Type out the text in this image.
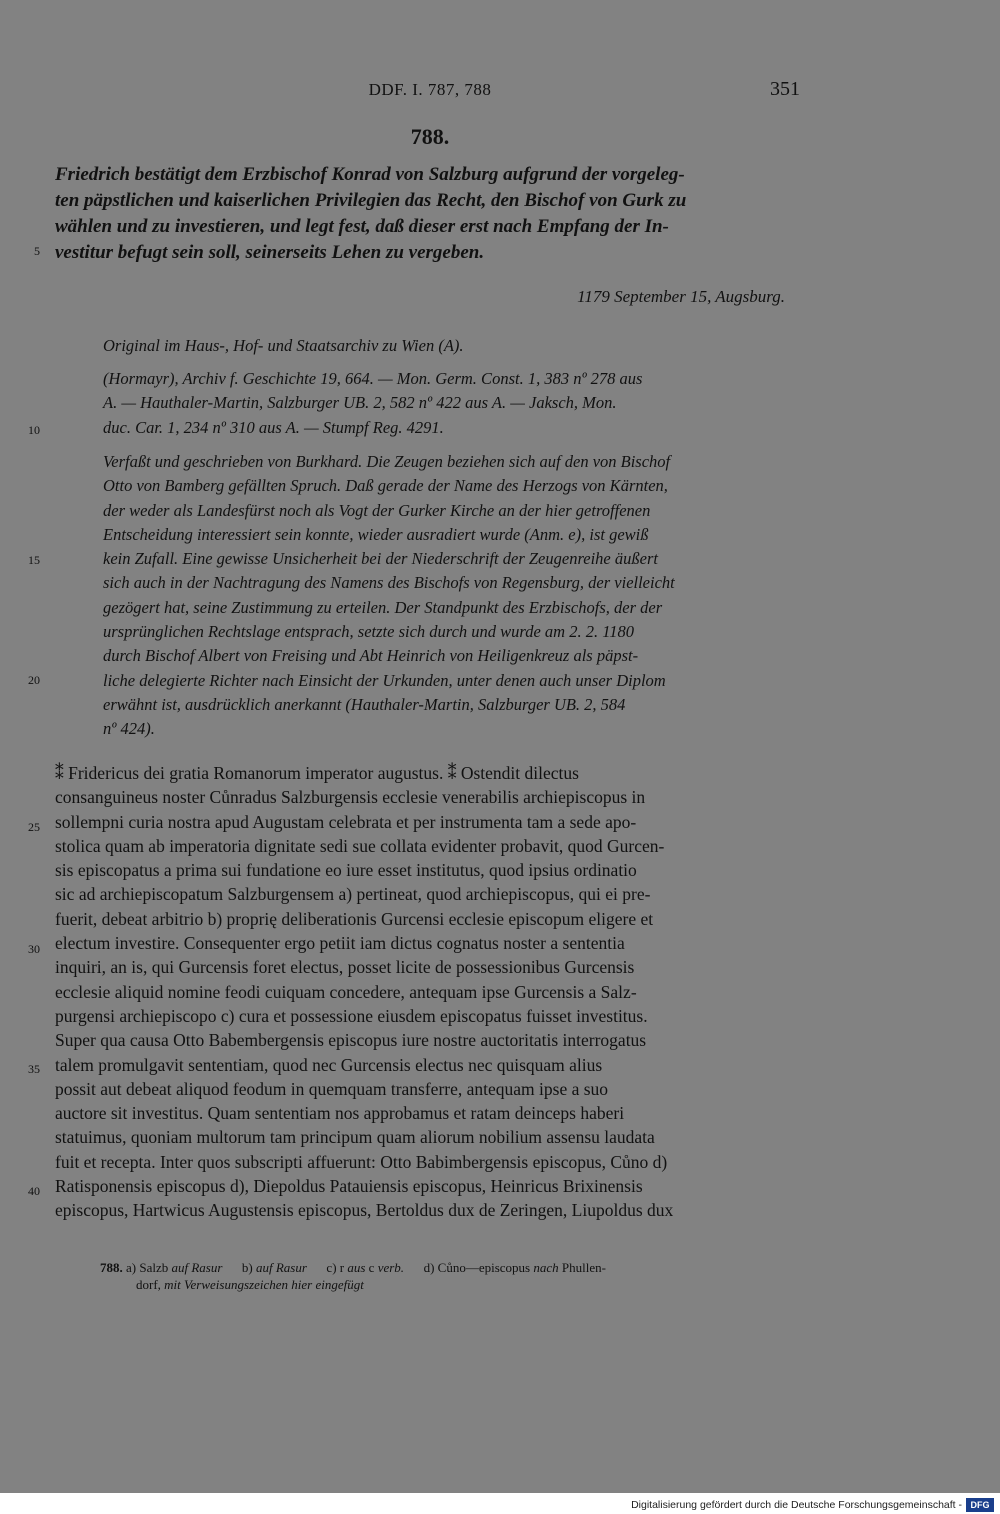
DDF. I. 787, 788	351
788.
Friedrich bestätigt dem Erzbischof Konrad von Salzburg aufgrund der vorgeleg-
ten päpstlichen und kaiserlichen Privilegien das Recht, den Bischof von Gurk zu
wählen und zu investieren, und legt fest, daß dieser erst nach Empfang der In-
vestitur befugt sein soll, seinerseits Lehen zu vergeben.
1179 September 15, Augsburg.
Original im Haus-, Hof- und Staatsarchiv zu Wien (A).
(Hormayr), Archiv f. Geschichte 19, 664. — Mon. Germ. Const. 1, 383 nº 278 aus
A. — Hauthaler-Martin, Salzburger UB. 2, 582 nº 422 aus A. — Jaksch, Mon.
duc. Car. 1, 234 nº 310 aus A. — Stumpf Reg. 4291.
Verfaßt und geschrieben von Burkhard. Die Zeugen beziehen sich auf den von Bischof
Otto von Bamberg gefällten Spruch. Daß gerade der Name des Herzogs von Kärnten,
der weder als Landesfürst noch als Vogt der Gurker Kirche an der hier getroffenen
Entscheidung interessiert sein konnte, wieder ausradiert wurde (Anm. e), ist gewiß
kein Zufall. Eine gewisse Unsicherheit bei der Niederschrift der Zeugenreihe äußert
sich auch in der Nachtragung des Namens des Bischofs von Regensburg, der vielleicht
gezögert hat, seine Zustimmung zu erteilen. Der Standpunkt des Erzbischofs, der der
ursprünglichen Rechtslage entsprach, setzte sich durch und wurde am 2. 2. 1180
durch Bischof Albert von Freising und Abt Heinrich von Heiligenkreuz als päpst-
liche delegierte Richter nach Einsicht der Urkunden, unter denen auch unser Diplom
erwähnt ist, ausdrücklich anerkannt (Hauthaler-Martin, Salzburger UB. 2, 584
nº 424).
⁑ Fridericus dei gratia Romanorum imperator augustus. ⁑ Ostendit dilectus
consanguineus noster Cůnradus Salzburgensis ecclesie venerabilis archiepiscopus in
sollempni curia nostra apud Augustam celebrata et per instrumenta tam a sede apo-
stolica quam ab imperatoria dignitate sedi sue collata evidenter probavit, quod Gurcen-
sis episcopatus a prima sui fundatione eo iure esset institutus, quod ipsius ordinatio
sic ad archiepiscopatum Salzburgensem a) pertineat, quod archiepiscopus, qui ei pre-
fuerit, debeat arbitrio b) proprię deliberationis Gurcensi ecclesie episcopum eligere et
electum investire. Consequenter ergo petiit iam dictus cognatus noster a sententia
inquiri, an is, qui Gurcensis foret electus, posset licite de possessionibus Gurcensis
ecclesie aliquid nomine feodi cuiquam concedere, antequam ipse Gurcensis a Salz-
purgensi archiepiscopo c) cura et possessione eiusdem episcopatus fuisset investitus.
Super qua causa Otto Babembergensis episcopus iure nostre auctoritatis interrogatus
talem promulgavit sententiam, quod nec Gurcensis electus nec quisquam alius
possit aut debeat aliquod feodum in quemquam transferre, antequam ipse a suo
auctore sit investitus. Quam sententiam nos approbamus et ratam deinceps haberi
statuimus, quoniam multorum tam principum quam aliorum nobilium assensu laudata
fuit et recepta. Inter quos subscripti affuerunt: Otto Babimbergensis episcopus, Cůno d)
Ratisponensis episcopus d), Diepoldus Patauiensis episcopus, Heinricus Brixinensis
episcopus, Hartwicus Augustensis episcopus, Bertoldus dux de Zeringen, Liupoldus dux
5
10
15
20
25
30
35
40
788. a) Salzb auf Rasur b) auf Rasur c) r aus c verb. d) Cůno—episcopus nach Phullen-
dorf, mit Verweisungszeichen hier eingefügt
Digitalisierung gefördert durch die Deutsche Forschungsgemeinschaft - DFG
